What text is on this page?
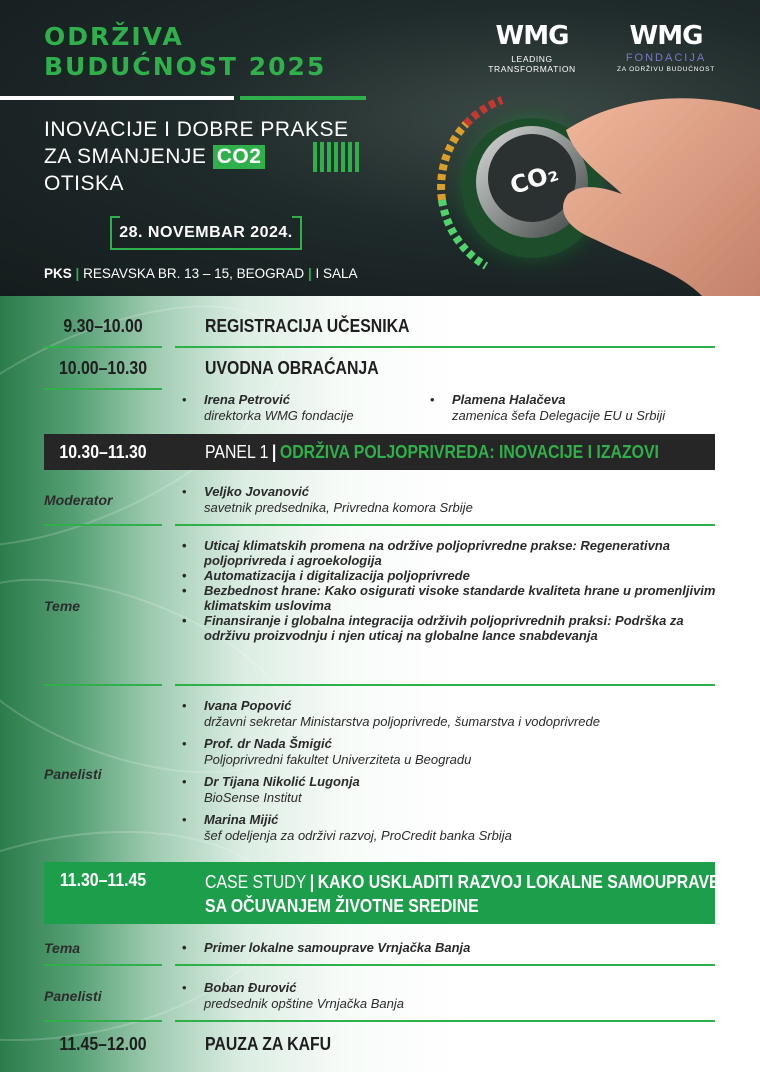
ODRŽIVA
BUDUĆNOST 2025
INOVACIJE I DOBRE PRAKSE
ZA SMANJENJE CO2
OTISKA
28. NOVEMBAR 2024.
PKS | RESAVSKA BR. 13 – 15, BEOGRAD | I SALA
WMG
LEADING TRANSFORMATION
WMG
FONDACIJA
ZA ODRŽIVU BUDUĆNOST
CO₂
9.30–10.00	REGISTRACIJA UČESNIKA
10.00–10.30	UVODNA OBRAĆANJA
• Irena Petrović
direktorka WMG fondacije
• Plamena Halačeva
zamenica šefa Delegacije EU u Srbiji
10.30–11.30	PANEL 1 | ODRŽIVA POLJOPRIVREDA: INOVACIJE I IZAZOVI
Moderator
• Veljko Jovanović
savetnik predsednika, Privredna komora Srbije
Teme
• Uticaj klimatskih promena na održive poljoprivredne prakse: Regenerativna poljoprivreda i agroekologija
• Automatizacija i digitalizacija poljoprivrede
• Bezbednost hrane: Kako osigurati visoke standarde kvaliteta hrane u promenljivim klimatskim uslovima
• Finansiranje i globalna integracija održivih poljoprivrednih praksi: Podrška za održivu proizvodnju i njen uticaj na globalne lance snabdevanja
Panelisti
• Ivana Popović
državni sekretar Ministarstva poljoprivrede, šumarstva i vodoprivrede
• Prof. dr Nada Šmigić
Poljoprivredni fakultet Univerziteta u Beogradu
• Dr Tijana Nikolić Lugonja
BioSense Institut
• Marina Mijić
šef odeljenja za održivi razvoj, ProCredit banka Srbija
11.30–11.45	CASE STUDY | KAKO USKLADITI RAZVOJ LOKALNE SAMOUPRAVE
SA OČUVANJEM ŽIVOTNE SREDINE
Tema
•	Primer lokalne samouprave Vrnjačka Banja
Panelisti
• Boban Đurović
predsednik opštine Vrnjačka Banja
11.45–12.00	PAUZA ZA KAFU
